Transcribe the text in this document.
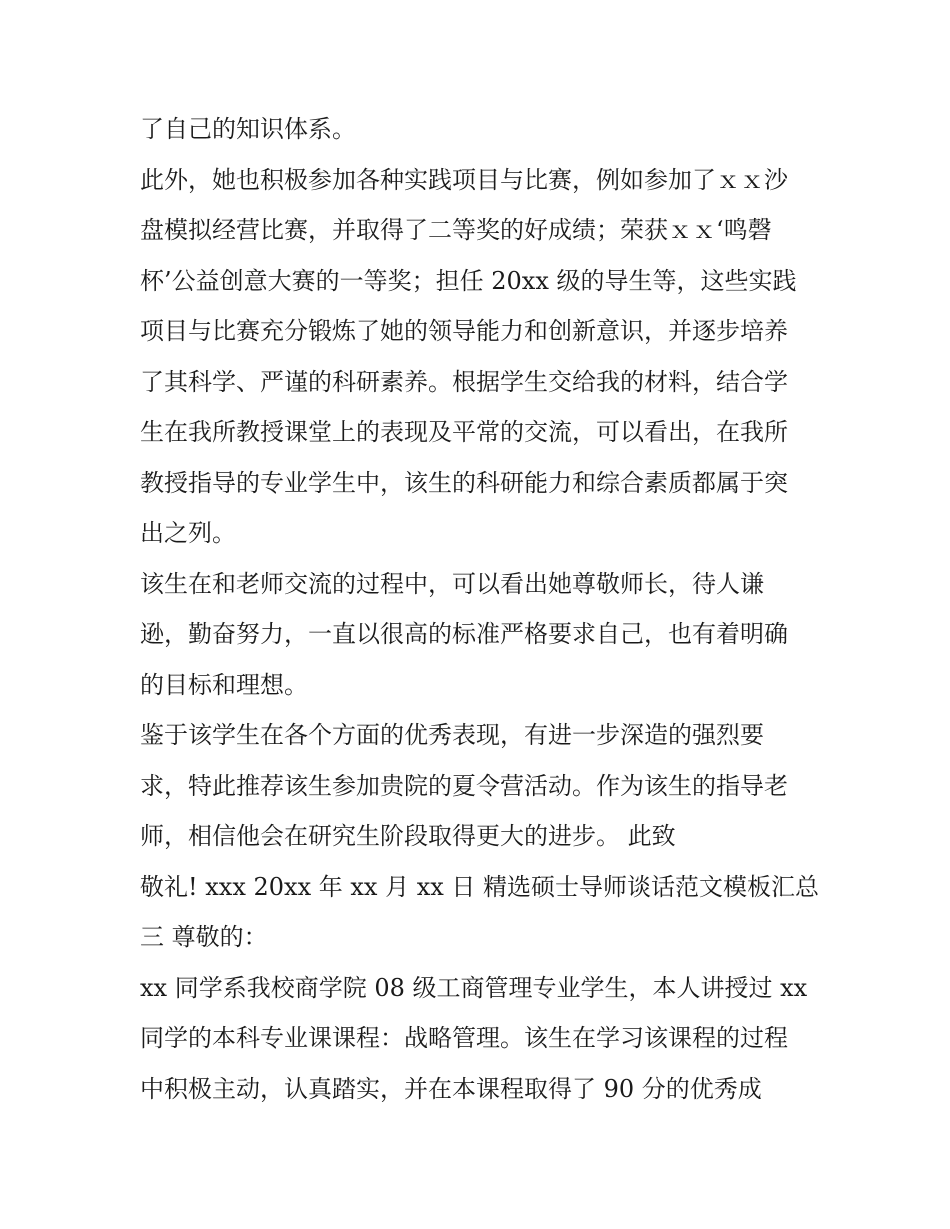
了自己的知识体系。
此外，她也积极参加各种实践项目与比赛，例如参加了ｘｘ沙
盘模拟经营比赛，并取得了二等奖的好成绩；荣获ｘｘ‘鸣磬
杯’公益创意大赛的一等奖；担任 20xx 级的导生等，这些实践
项目与比赛充分锻炼了她的领导能力和创新意识，并逐步培养
了其科学、严谨的科研素养。根据学生交给我的材料，结合学
生在我所教授课堂上的表现及平常的交流，可以看出，在我所
教授指导的专业学生中，该生的科研能力和综合素质都属于突
出之列。
该生在和老师交流的过程中，可以看出她尊敬师长，待人谦
逊，勤奋努力，一直以很高的标准严格要求自己，也有着明确
的目标和理想。
鉴于该学生在各个方面的优秀表现，有进一步深造的强烈要
求，特此推荐该生参加贵院的夏令营活动。作为该生的指导老
师，相信他会在研究生阶段取得更大的进步。 此致
敬礼! xxx 20xx 年 xx 月 xx 日 精选硕士导师谈话范文模板汇总
三 尊敬的：
xx 同学系我校商学院 08 级工商管理专业学生，本人讲授过 xx
同学的本科专业课课程：战略管理。该生在学习该课程的过程
中积极主动，认真踏实，并在本课程取得了 90 分的优秀成
